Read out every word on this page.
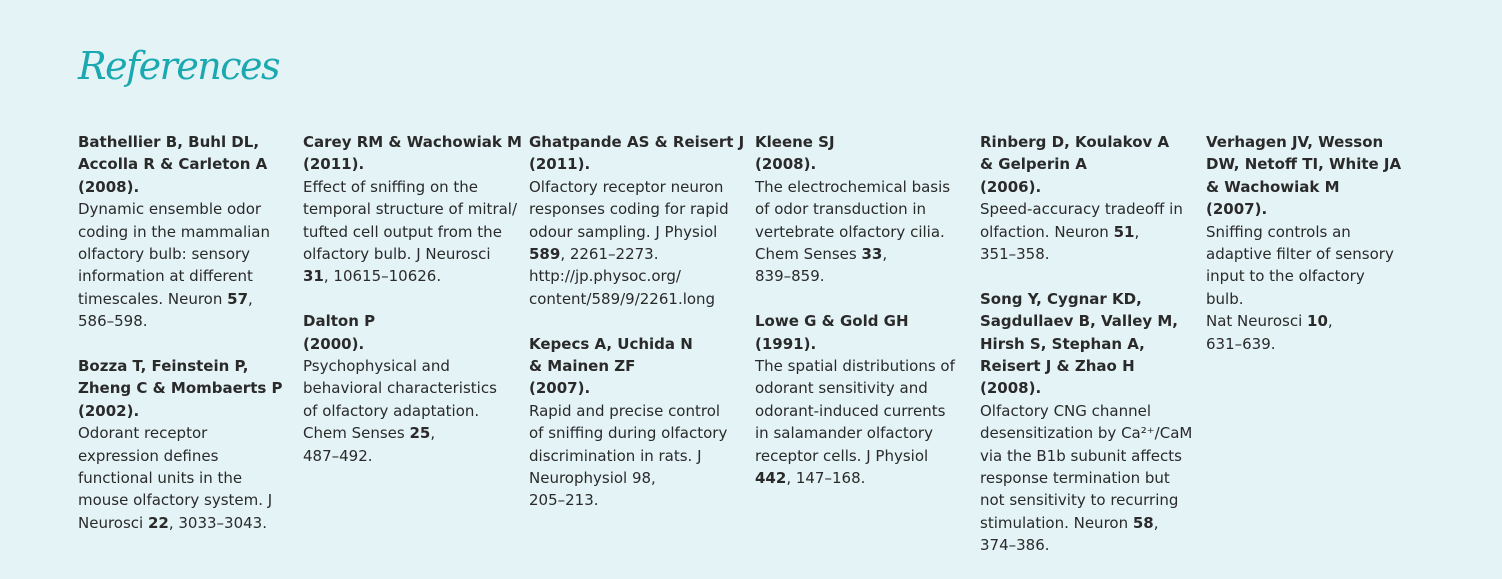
References
Bathellier B, Buhl DL,
Accolla R & Carleton A
(2008).
Dynamic ensemble odor
coding in the mammalian
olfactory bulb: sensory
information at different
timescales. Neuron 57,
586–598.
Bozza T, Feinstein P,
Zheng C & Mombaerts P
(2002).
Odorant receptor
expression defines
functional units in the
mouse olfactory system. J
Neurosci 22, 3033–3043.
Carey RM & Wachowiak M
(2011).
Effect of sniffing on the
temporal structure of mitral/
tufted cell output from the
olfactory bulb. J Neurosci
31, 10615–10626.
Dalton P
(2000).
Psychophysical and
behavioral characteristics
of olfactory adaptation.
Chem Senses 25,
487–492.
Ghatpande AS & Reisert J
(2011).
Olfactory receptor neuron
responses coding for rapid
odour sampling. J Physiol
589, 2261–2273.
http://jp.physoc.org/
content/589/9/2261.long
Kepecs A, Uchida N
& Mainen ZF
(2007).
Rapid and precise control
of sniffing during olfactory
discrimination in rats. J
Neurophysiol 98,
205–213.
Kleene SJ
(2008).
The electrochemical basis
of odor transduction in
vertebrate olfactory cilia.
Chem Senses 33,
839–859.
Lowe G & Gold GH
(1991).
The spatial distributions of
odorant sensitivity and
odorant-induced currents
in salamander olfactory
receptor cells. J Physiol
442, 147–168.
Rinberg D, Koulakov A
& Gelperin A
(2006).
Speed-accuracy tradeoff in
olfaction. Neuron 51,
351–358.
Song Y, Cygnar KD,
Sagdullaev B, Valley M,
Hirsh S, Stephan A,
Reisert J & Zhao H
(2008).
Olfactory CNG channel
desensitization by Ca²⁺/CaM
via the B1b subunit affects
response termination but
not sensitivity to recurring
stimulation. Neuron 58,
374–386.
Verhagen JV, Wesson
DW, Netoff TI, White JA
& Wachowiak M
(2007).
Sniffing controls an
adaptive filter of sensory
input to the olfactory bulb.
Nat Neurosci 10,
631–639.
